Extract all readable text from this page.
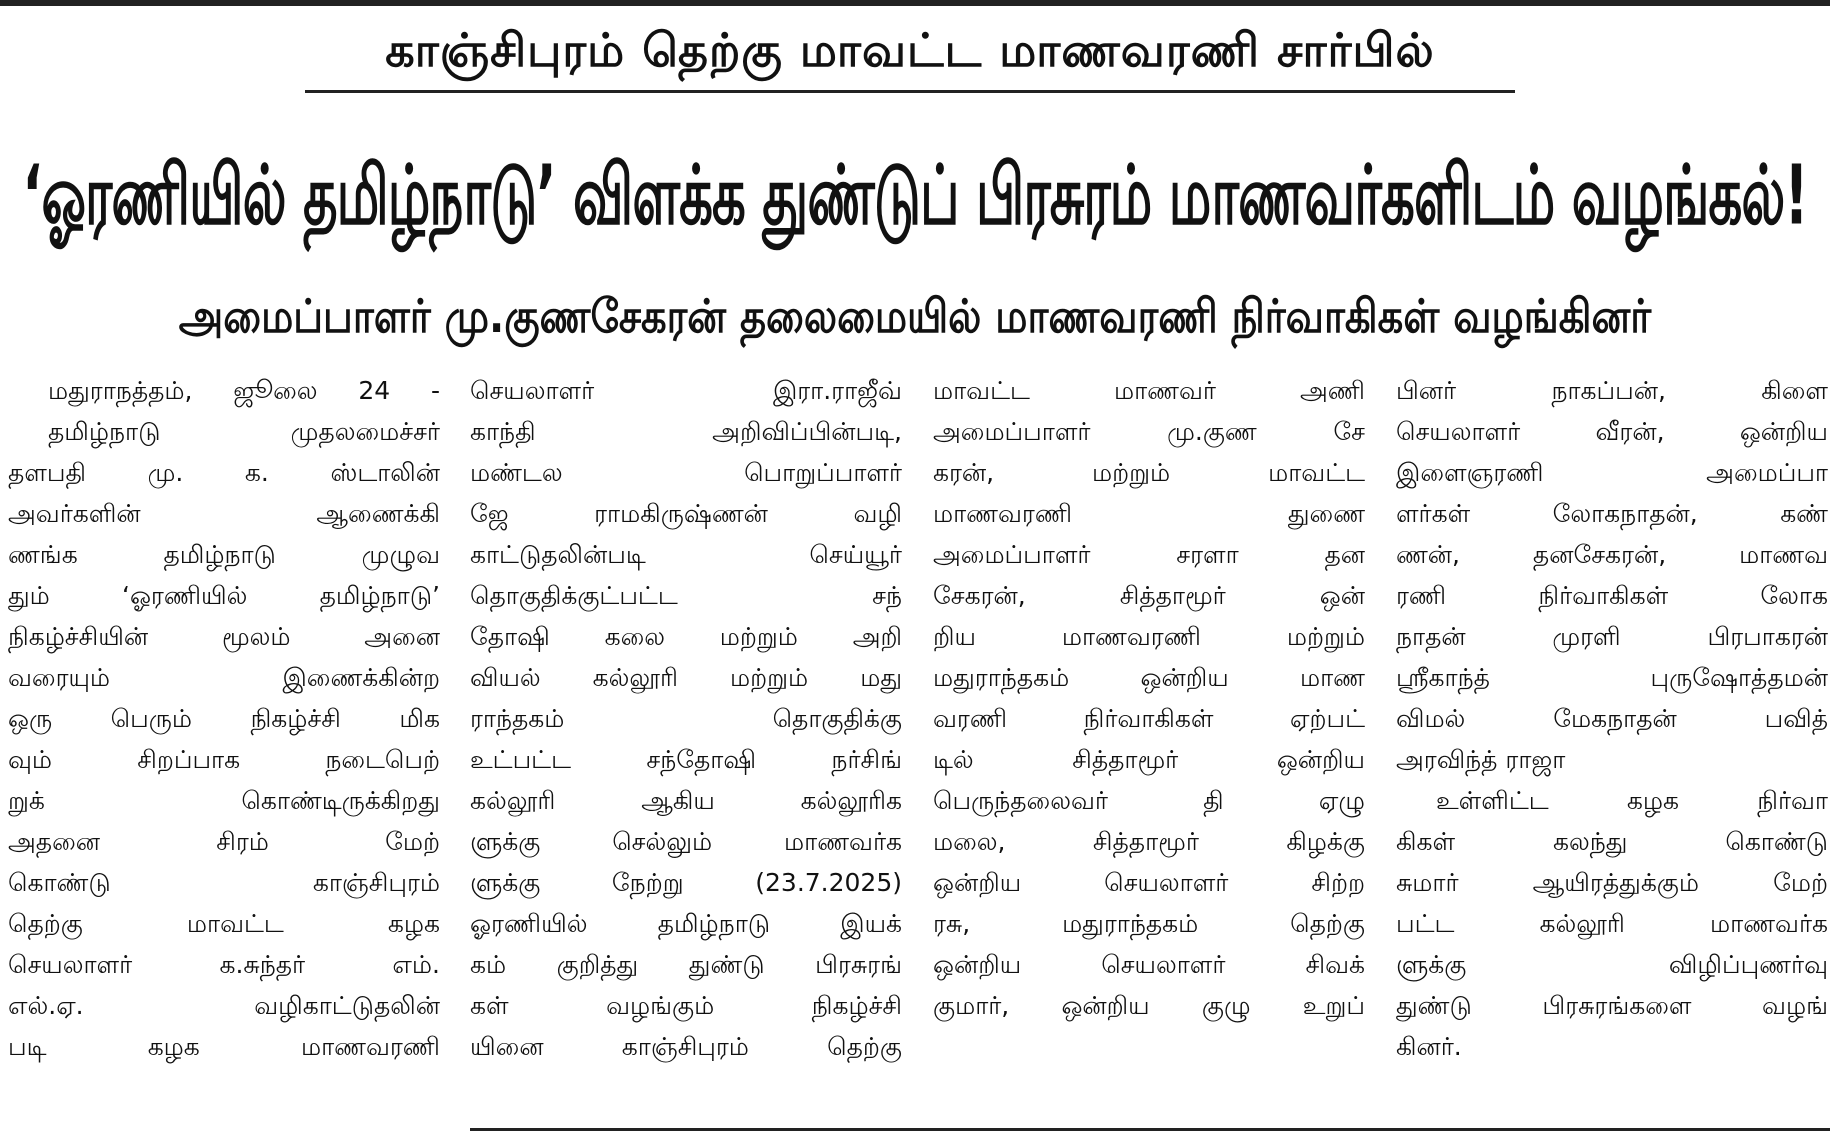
காஞ்சிபுரம் தெற்கு மாவட்ட மாணவரணி சார்பில்
‘ஓரணியில் தமிழ்நாடு’ விளக்க துண்டுப் பிரசுரம் மாணவர்களிடம் வழங்கல்!
அமைப்பாளர் மு.குணசேகரன் தலைமையில் மாணவரணி நிர்வாகிகள் வழங்கினர்
மதுராநத்தம், ஜூலை 24 -
தமிழ்நாடு முதலமைச்சர்
தளபதி மு. க. ஸ்டாலின்
அவர்களின் ஆணைக்கி
ணங்க தமிழ்நாடு முழுவ
தும் ‘ஓரணியில் தமிழ்நாடு’
நிகழ்ச்சியின் மூலம் அனை
வரையும் இணைக்கின்ற
ஒரு பெரும் நிகழ்ச்சி மிக
வும் சிறப்பாக நடைபெற்
றுக் கொண்டிருக்கிறது
அதனை சிரம் மேற்
கொண்டு காஞ்சிபுரம்
தெற்கு மாவட்ட கழக
செயலாளர் க.சுந்தர் எம்.
எல்.ஏ. வழிகாட்டுதலின்
படி கழக மாணவரணி
செயலாளர் இரா.ராஜீவ்
காந்தி அறிவிப்பின்படி,
மண்டல பொறுப்பாளர்
ஜே ராமகிருஷ்ணன் வழி
காட்டுதலின்படி செய்யூர்
தொகுதிக்குட்பட்ட சந்
தோஷி கலை மற்றும் அறி
வியல் கல்லூரி மற்றும் மது
ராந்தகம் தொகுதிக்கு
உட்பட்ட சந்தோஷி நர்சிங்
கல்லூரி ஆகிய கல்லூரிக
ளுக்கு செல்லும் மாணவர்க
ளுக்கு நேற்று (23.7.2025)
ஓரணியில் தமிழ்நாடு இயக்
கம் குறித்து துண்டு பிரசுரங்
கள் வழங்கும் நிகழ்ச்சி
யினை காஞ்சிபுரம் தெற்கு
மாவட்ட மாணவர் அணி
அமைப்பாளர் மு.குண சே
கரன், மற்றும் மாவட்ட
மாணவரணி துணை
அமைப்பாளர் சரளா தன
சேகரன், சித்தாமூர் ஒன்
றிய மாணவரணி மற்றும்
மதுராந்தகம் ஒன்றிய மாண
வரணி நிர்வாகிகள் ஏற்பட்
டில் சித்தாமூர் ஒன்றிய
பெருந்தலைவர் தி ஏழு
மலை, சித்தாமூர் கிழக்கு
ஒன்றிய செயலாளர் சிற்ற
ரசு, மதுராந்தகம் தெற்கு
ஒன்றிய செயலாளர் சிவக்
குமார், ஒன்றிய குழு உறுப்
பினர் நாகப்பன், கிளை
செயலாளர் வீரன், ஒன்றிய
இளைஞரணி அமைப்பா
ளர்கள் லோகநாதன், கண்
ணன், தனசேகரன், மாணவ
ரணி நிர்வாகிகள் லோக
நாதன் முரளி பிரபாகரன்
ஸ்ரீகாந்த் புருஷோத்தமன்
விமல் மேகநாதன் பவித்
அரவிந்த் ராஜா
உள்ளிட்ட கழக நிர்வா
கிகள் கலந்து கொண்டு
சுமார் ஆயிரத்துக்கும் மேற்
பட்ட கல்லூரி மாணவர்க
ளுக்கு விழிப்புணர்வு
துண்டு பிரசுரங்களை வழங்
கினர்.
